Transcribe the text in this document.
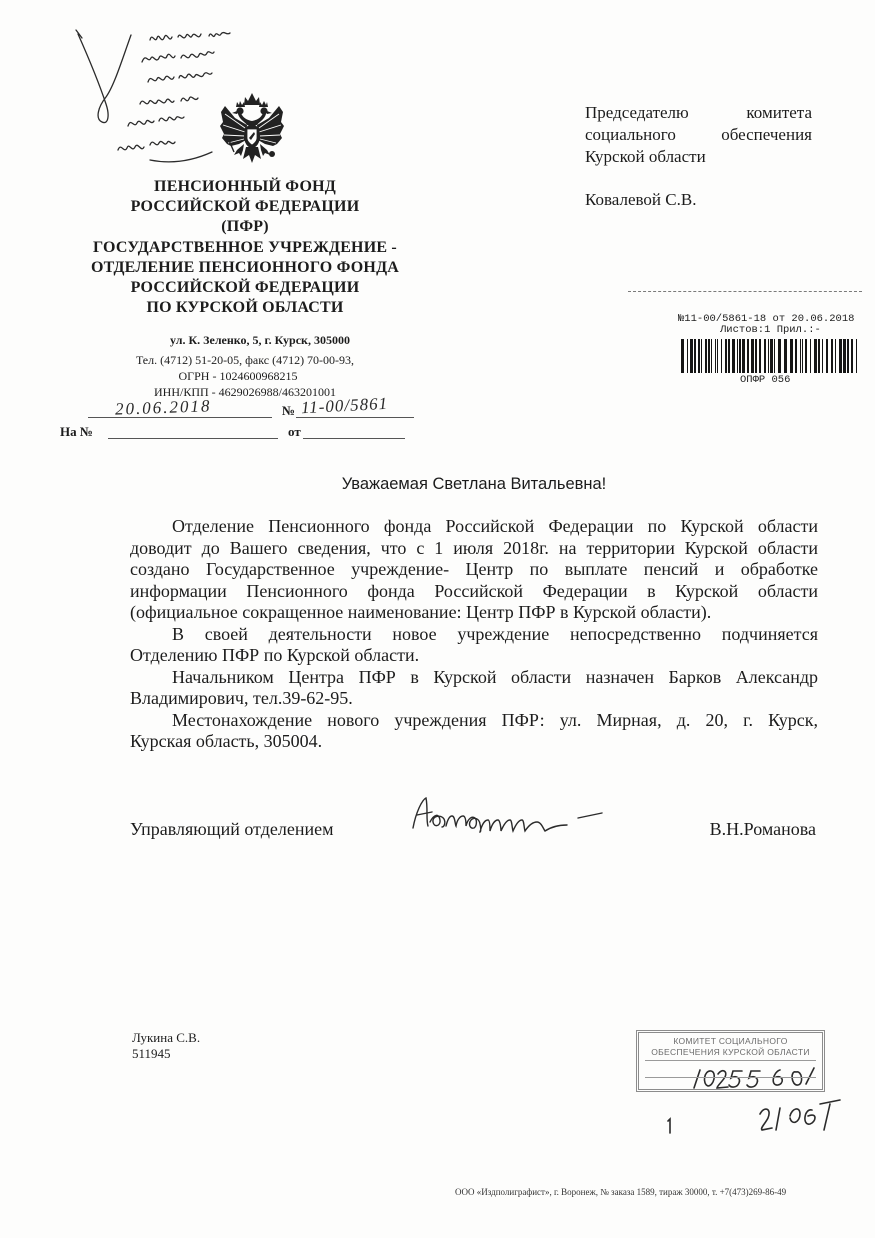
ПЕНСИОННЫЙ ФОНД
РОССИЙСКОЙ ФЕДЕРАЦИИ
(ПФР)
ГОСУДАРСТВЕННОЕ УЧРЕЖДЕНИЕ -
ОТДЕЛЕНИЕ ПЕНСИОННОГО ФОНДА
РОССИЙСКОЙ ФЕДЕРАЦИИ
ПО КУРСКОЙ ОБЛАСТИ
ул. К. Зеленко, 5, г. Курск, 305000
Тел. (4712) 51-20-05, факс (4712) 70-00-93,
ОГРН - 1024600968215
ИНН/КПП - 4629026988/463201001
20.06.2018	№ 11-00/5861
На №	от
Председателю комитета
социального обеспечения
Курской области
Ковалевой С.В.
№11-00/5861-18 от 20.06.2018
Листов:1 Прил.:-
ОПФР 056
Уважаемая Светлана Витальевна!
Отделение Пенсионного фонда Российской Федерации по Курской области
доводит до Вашего сведения, что с 1 июля 2018г. на территории Курской области
создано Государственное учреждение- Центр по выплате пенсий и обработке
информации Пенсионного фонда Российской Федерации в Курской области
(официальное сокращенное наименование: Центр ПФР в Курской области).
В своей деятельности новое учреждение непосредственно подчиняется
Отделению ПФР по Курской области.
Начальником Центра ПФР в Курской области назначен Барков Александр
Владимирович, тел.39-62-95.
Местонахождение нового учреждения ПФР: ул. Мирная, д. 20, г. Курск,
Курская область, 305004.
Управляющий отделением	В.Н.Романова
Лукина С.В.
511945
КОМИТЕТ СОЦИАЛЬНОГО
ОБЕСПЕЧЕНИЯ КУРСКОЙ ОБЛАСТИ
ООО «Издполиграфист», г. Воронеж, № заказа 1589, тираж 30000, т. +7(473)269-86-49
